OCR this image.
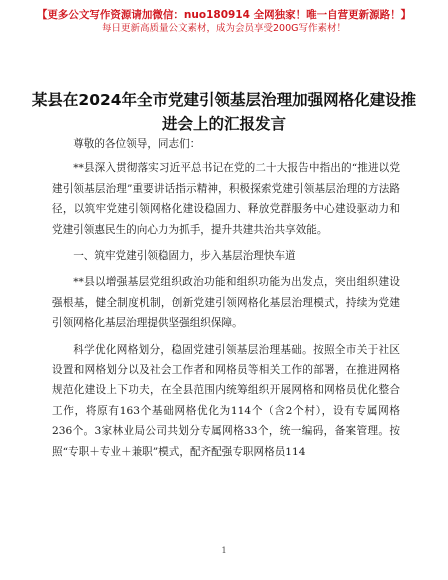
【更多公文写作资源请加微信：nuo180914 全网独家！唯一自营更新源路！】
每日更新高质量公文素材，成为会员享受200G写作素材！
某县在2024年全市党建引领基层治理加强网格化建设推进会上的汇报发言

尊敬的各位领导，同志们：

**县深入贯彻落实习近平总书记在党的二十大报告中指出的“推进以党建引领基层治理”重要讲话指示精神，积极探索党建引领基层治理的方法路径，以筑牢党建引领网格化建设稳固力、释放党群服务中心建设驱动力和党建引领惠民生的向心力为抓手，提升共建共治共享效能。

一、筑牢党建引领稳固力，步入基层治理快车道

**县以增强基层党组织政治功能和组织功能为出发点，突出组织建设强根基，健全制度机制，创新党建引领网格化基层治理模式，持续为党建引领网格化基层治理提供坚强组织保障。

科学优化网格划分，稳固党建引领基层治理基础。按照全市关于社区设置和网格划分以及社会工作者和网格员等相关工作的部署，在推进网格规范化建设上下功夫，在全县范围内统筹组织开展网格和网格员优化整合工作，将原有163个基础网格优化为114个（含2个村），设有专属网格236个。3家林业局公司共划分专属网格33个，统一编码，备案管理。按照“专职＋专业＋兼职”模式，配齐配强专职网格员114

1
